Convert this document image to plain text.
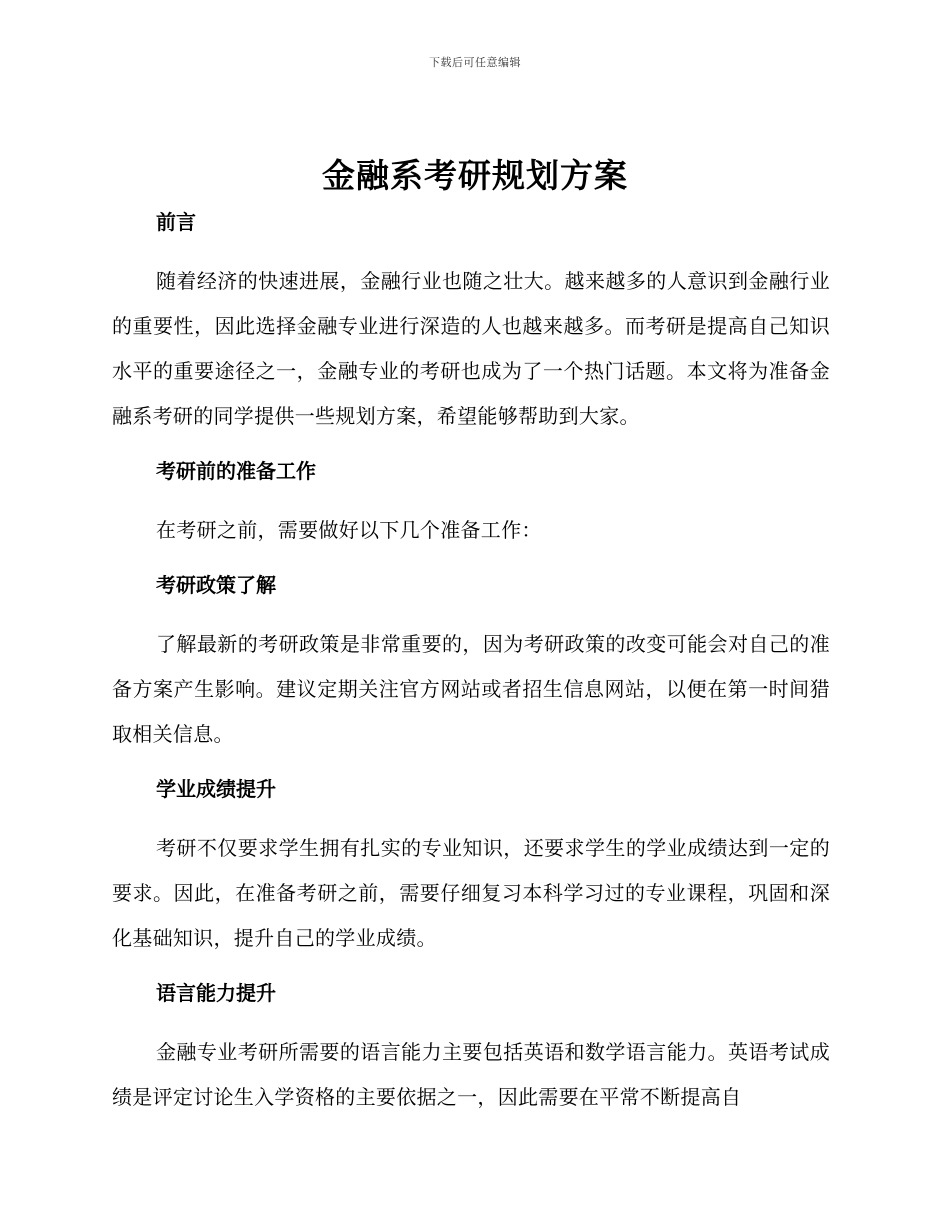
下载后可任意编辑
金融系考研规划方案
前言

随着经济的快速进展，金融行业也随之壮大。越来越多的人意识到金融行业的重要性，因此选择金融专业进行深造的人也越来越多。而考研是提高自己知识水平的重要途径之一，金融专业的考研也成为了一个热门话题。本文将为准备金融系考研的同学提供一些规划方案，希望能够帮助到大家。

考研前的准备工作

在考研之前，需要做好以下几个准备工作：

考研政策了解

了解最新的考研政策是非常重要的，因为考研政策的改变可能会对自己的准备方案产生影响。建议定期关注官方网站或者招生信息网站，以便在第一时间猎取相关信息。

学业成绩提升

考研不仅要求学生拥有扎实的专业知识，还要求学生的学业成绩达到一定的要求。因此，在准备考研之前，需要仔细复习本科学习过的专业课程，巩固和深化基础知识，提升自己的学业成绩。

语言能力提升

金融专业考研所需要的语言能力主要包括英语和数学语言能力。英语考试成绩是评定讨论生入学资格的主要依据之一，因此需要在平常不断提高自
